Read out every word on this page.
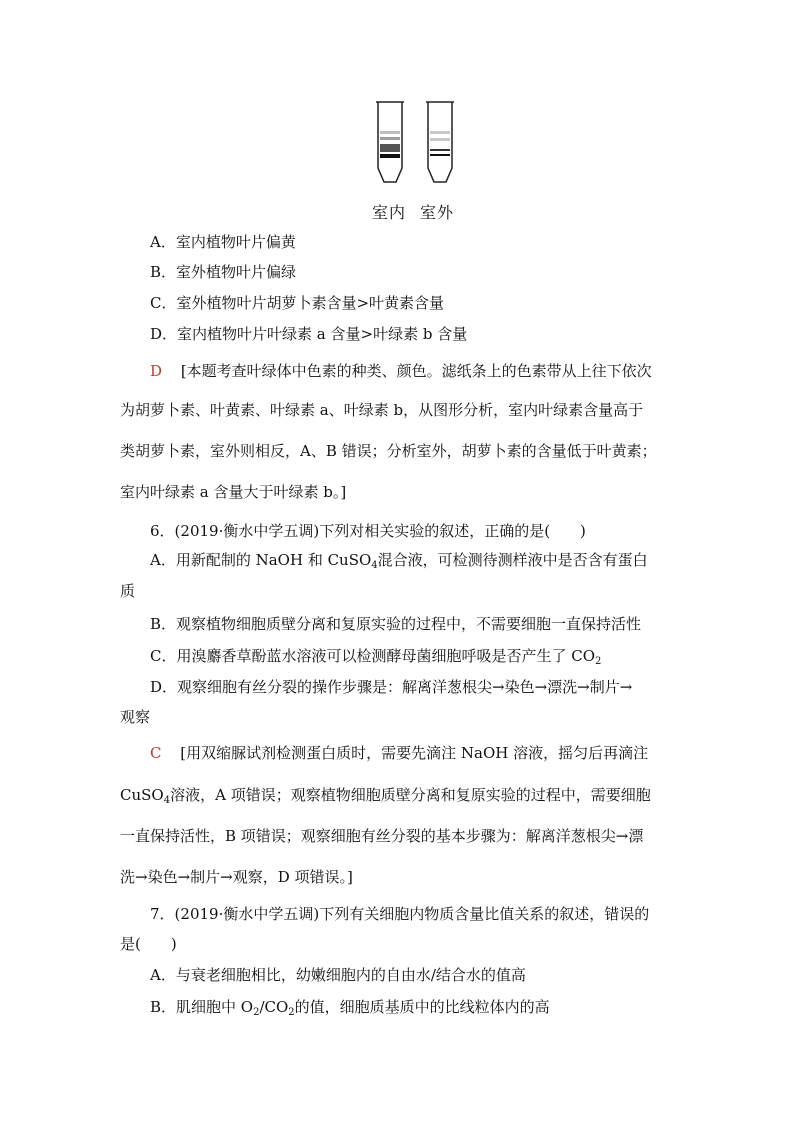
室内 室外
A．室内植物叶片偏黄
B．室外植物叶片偏绿
C．室外植物叶片胡萝卜素含量>叶黄素含量
D．室内植物叶片叶绿素 a 含量>叶绿素 b 含量
D [本题考查叶绿体中色素的种类、颜色。滤纸条上的色素带从上往下依次
为胡萝卜素、叶黄素、叶绿素 a、叶绿素 b，从图形分析，室内叶绿素含量高于
类胡萝卜素，室外则相反，A、B 错误；分析室外，胡萝卜素的含量低于叶黄素；
室内叶绿素 a 含量大于叶绿素 b。]
6．(2019·衡水中学五调)下列对相关实验的叙述，正确的是(　　)
A．用新配制的 NaOH 和 CuSO$_4$混合液，可检测待测样液中是否含有蛋白
质
B．观察植物细胞质壁分离和复原实验的过程中，不需要细胞一直保持活性
C．用溴麝香草酚蓝水溶液可以检测酵母菌细胞呼吸是否产生了 $CO_2$
D．观察细胞有丝分裂的操作步骤是：解离洋葱根尖→染色→漂洗→制片→
观察
C [用双缩脲试剂检测蛋白质时，需要先滴注 NaOH 溶液，摇匀后再滴注
CuSO$_4$溶液，A 项错误；观察植物细胞质壁分离和复原实验的过程中，需要细胞
一直保持活性，B 项错误；观察细胞有丝分裂的基本步骤为：解离洋葱根尖→漂
洗→染色→制片→观察，D 项错误。]
7．(2019·衡水中学五调)下列有关细胞内物质含量比值关系的叙述，错误的
是(　　)
A．与衰老细胞相比，幼嫩细胞内的自由水/结合水的值高
B．肌细胞中 $O_2/CO_2$的值，细胞质基质中的比线粒体内的高
